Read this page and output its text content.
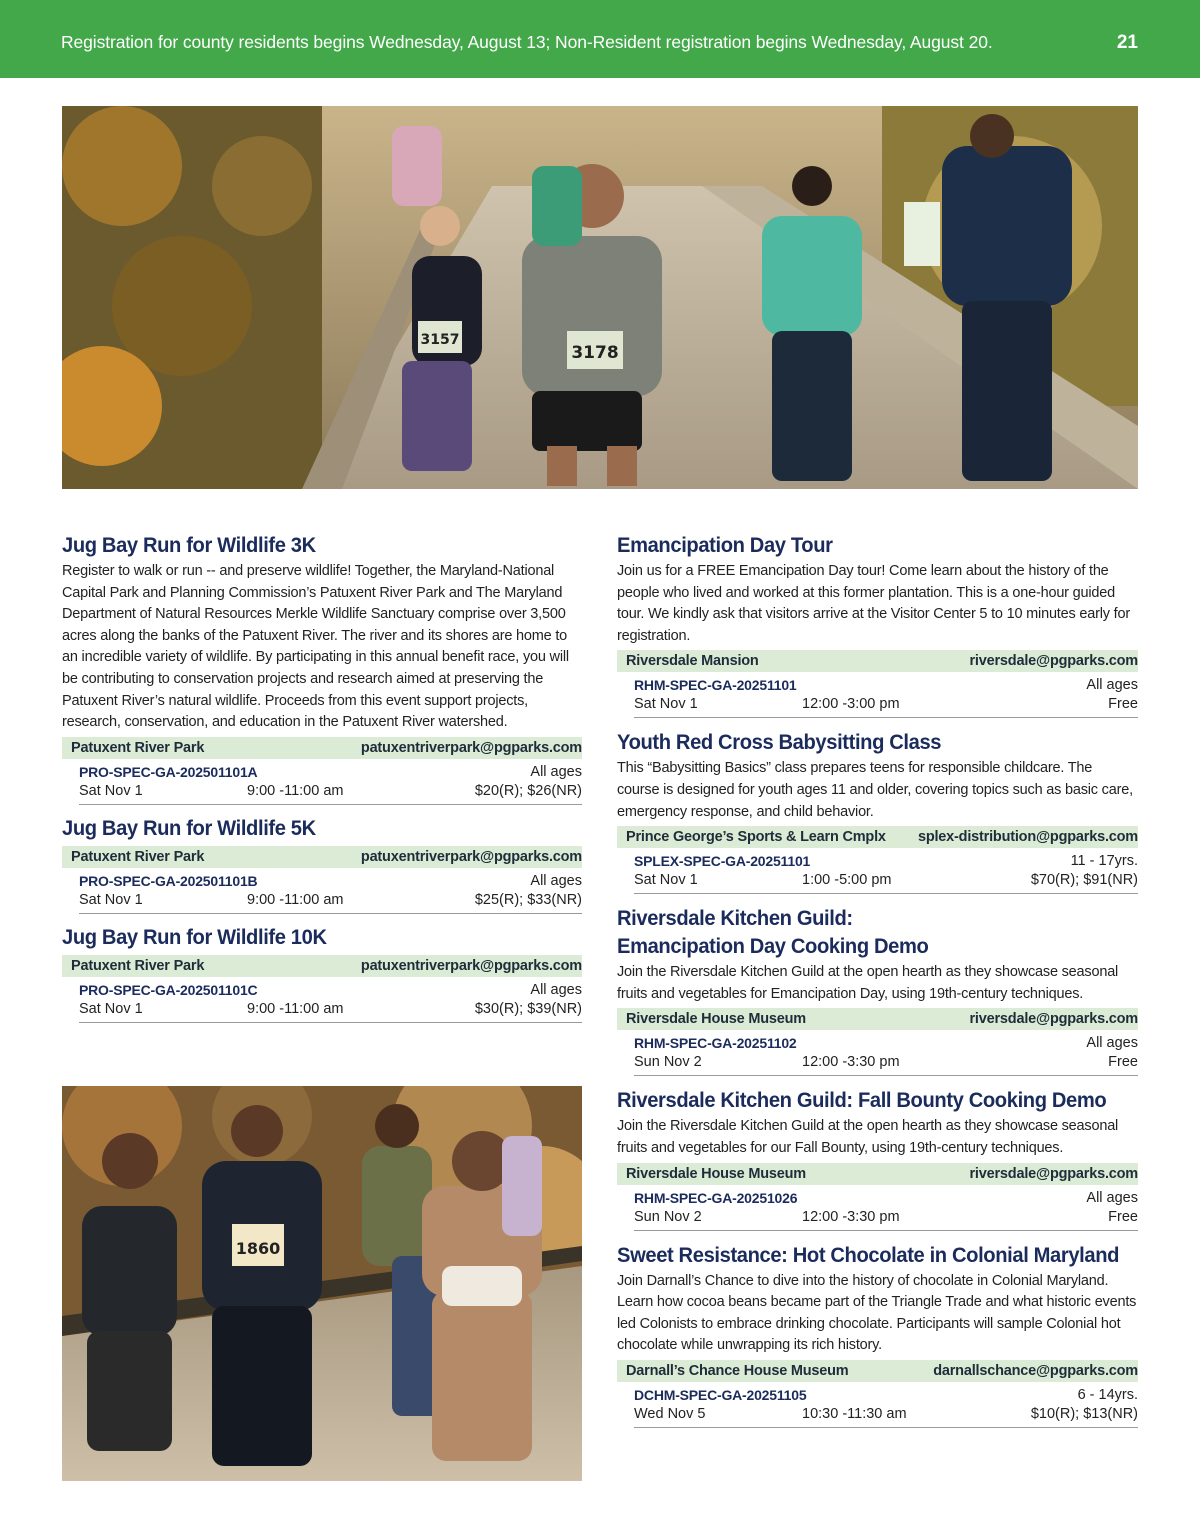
Registration for county residents begins Wednesday, August 13; Non-Resident registration begins Wednesday, August 20.	21
3157
3178
Jug Bay Run for Wildlife 3K
Register to walk or run -- and preserve wildlife! Together, the Maryland-National Capital Park and Planning Commission’s Patuxent River Park and The Maryland Department of Natural Resources Merkle Wildlife Sanctuary comprise over 3,500 acres along the banks of the Patuxent River. The river and its shores are home to an incredible variety of wildlife. By participating in this annual benefit race, you will be contributing to conservation projects and research aimed at preserving the Patuxent River’s natural wildlife. Proceeds from this event support projects, research, conservation, and education in the Patuxent River watershed.
Patuxent River Park	patuxentriverpark@pgparks.com
PRO-SPEC-GA-202501101A	All ages
Sat Nov 1	9:00 -11:00 am	$20(R); $26(NR)
Jug Bay Run for Wildlife 5K
Patuxent River Park	patuxentriverpark@pgparks.com
PRO-SPEC-GA-202501101B	All ages
Sat Nov 1	9:00 -11:00 am	$25(R); $33(NR)
Jug Bay Run for Wildlife 10K
Patuxent River Park	patuxentriverpark@pgparks.com
PRO-SPEC-GA-202501101C	All ages
Sat Nov 1	9:00 -11:00 am	$30(R); $39(NR)
1860
Emancipation Day Tour
Join us for a FREE Emancipation Day tour! Come learn about the history of the people who lived and worked at this former plantation. This is a one-hour guided tour. We kindly ask that visitors arrive at the Visitor Center 5 to 10 minutes early for registration.
Riversdale Mansion	riversdale@pgparks.com
RHM-SPEC-GA-20251101	All ages
Sat Nov 1	12:00 -3:00 pm	Free
Youth Red Cross Babysitting Class
This “Babysitting Basics” class prepares teens for responsible childcare. The course is designed for youth ages 11 and older, covering topics such as basic care, emergency response, and child behavior.
Prince George’s Sports & Learn Cmplx splex-distribution@pgparks.com
SPLEX-SPEC-GA-20251101	11 - 17yrs.
Sat Nov 1	1:00 -5:00 pm	$70(R); $91(NR)
Riversdale Kitchen Guild:
Emancipation Day Cooking Demo
Join the Riversdale Kitchen Guild at the open hearth as they showcase seasonal fruits and vegetables for Emancipation Day, using 19th-century techniques.
Riversdale House Museum	riversdale@pgparks.com
RHM-SPEC-GA-20251102	All ages
Sun Nov 2	12:00 -3:30 pm	Free
Riversdale Kitchen Guild: Fall Bounty Cooking Demo
Join the Riversdale Kitchen Guild at the open hearth as they showcase seasonal fruits and vegetables for our Fall Bounty, using 19th-century techniques.
Riversdale House Museum	riversdale@pgparks.com
RHM-SPEC-GA-20251026	All ages
Sun Nov 2	12:00 -3:30 pm	Free
Sweet Resistance: Hot Chocolate in Colonial Maryland
Join Darnall’s Chance to dive into the history of chocolate in Colonial Maryland. Learn how cocoa beans became part of the Triangle Trade and what historic events led Colonists to embrace drinking chocolate. Participants will sample Colonial hot chocolate while unwrapping its rich history.
Darnall’s Chance House Museum	darnallschance@pgparks.com
DCHM-SPEC-GA-20251105	6 - 14yrs.
Wed Nov 5	10:30 -11:30 am	$10(R); $13(NR)
